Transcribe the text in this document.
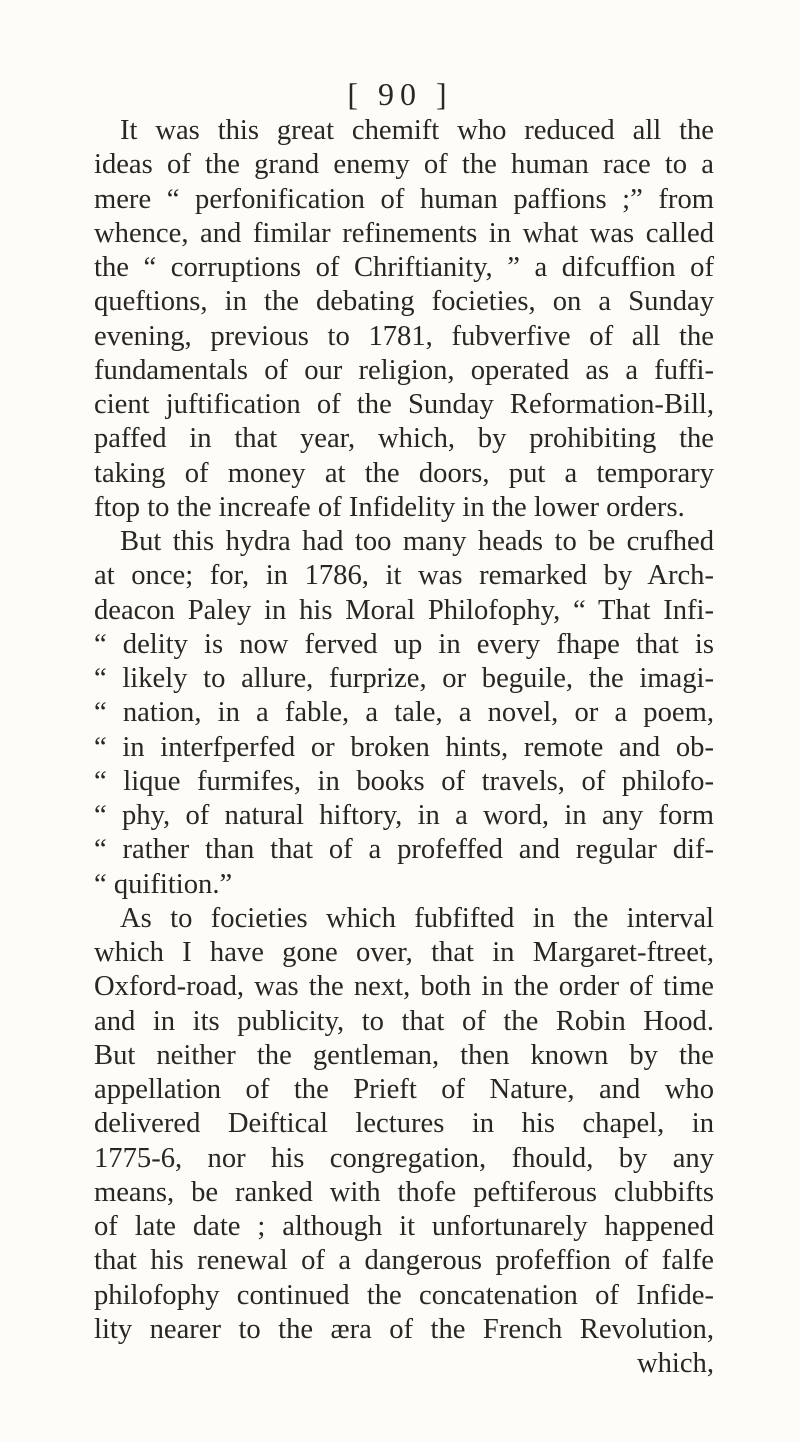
[ 90 ]
It was this great chemift who reduced all the
ideas of the grand enemy of the human race to a
mere “ perfonification of human paffions ;” from
whence, and fimilar refinements in what was called
the “ corruptions of Chriftianity, ” a difcuffion of
queftions, in the debating focieties, on a Sunday
evening, previous to 1781, fubverfive of all the
fundamentals of our religion, operated as a fuffi-
cient juftification of the Sunday Reformation-Bill,
paffed in that year, which, by prohibiting the
taking of money at the doors, put a temporary
ftop to the increafe of Infidelity in the lower orders.
But this hydra had too many heads to be crufhed
at once; for, in 1786, it was remarked by Arch-
deacon Paley in his Moral Philofophy, “ That Infi-
“ delity is now ferved up in every fhape that is
“ likely to allure, furprize, or beguile, the imagi-
“ nation, in a fable, a tale, a novel, or a poem,
“ in interfperfed or broken hints, remote and ob-
“ lique furmifes, in books of travels, of philofo-
“ phy, of natural hiftory, in a word, in any form
“ rather than that of a profeffed and regular dif-
“ quifition.”
As to focieties which fubfifted in the interval
which I have gone over, that in Margaret-ftreet,
Oxford-road, was the next, both in the order of time
and in its publicity, to that of the Robin Hood.
But neither the gentleman, then known by the
appellation of the Prieft of Nature, and who
delivered Deiftical lectures in his chapel, in
1775-6, nor his congregation, fhould, by any
means, be ranked with thofe peftiferous clubbifts
of late date ; although it unfortunarely happened
that his renewal of a dangerous profeffion of falfe
philofophy continued the concatenation of Infide-
lity nearer to the æra of the French Revolution,
which,
